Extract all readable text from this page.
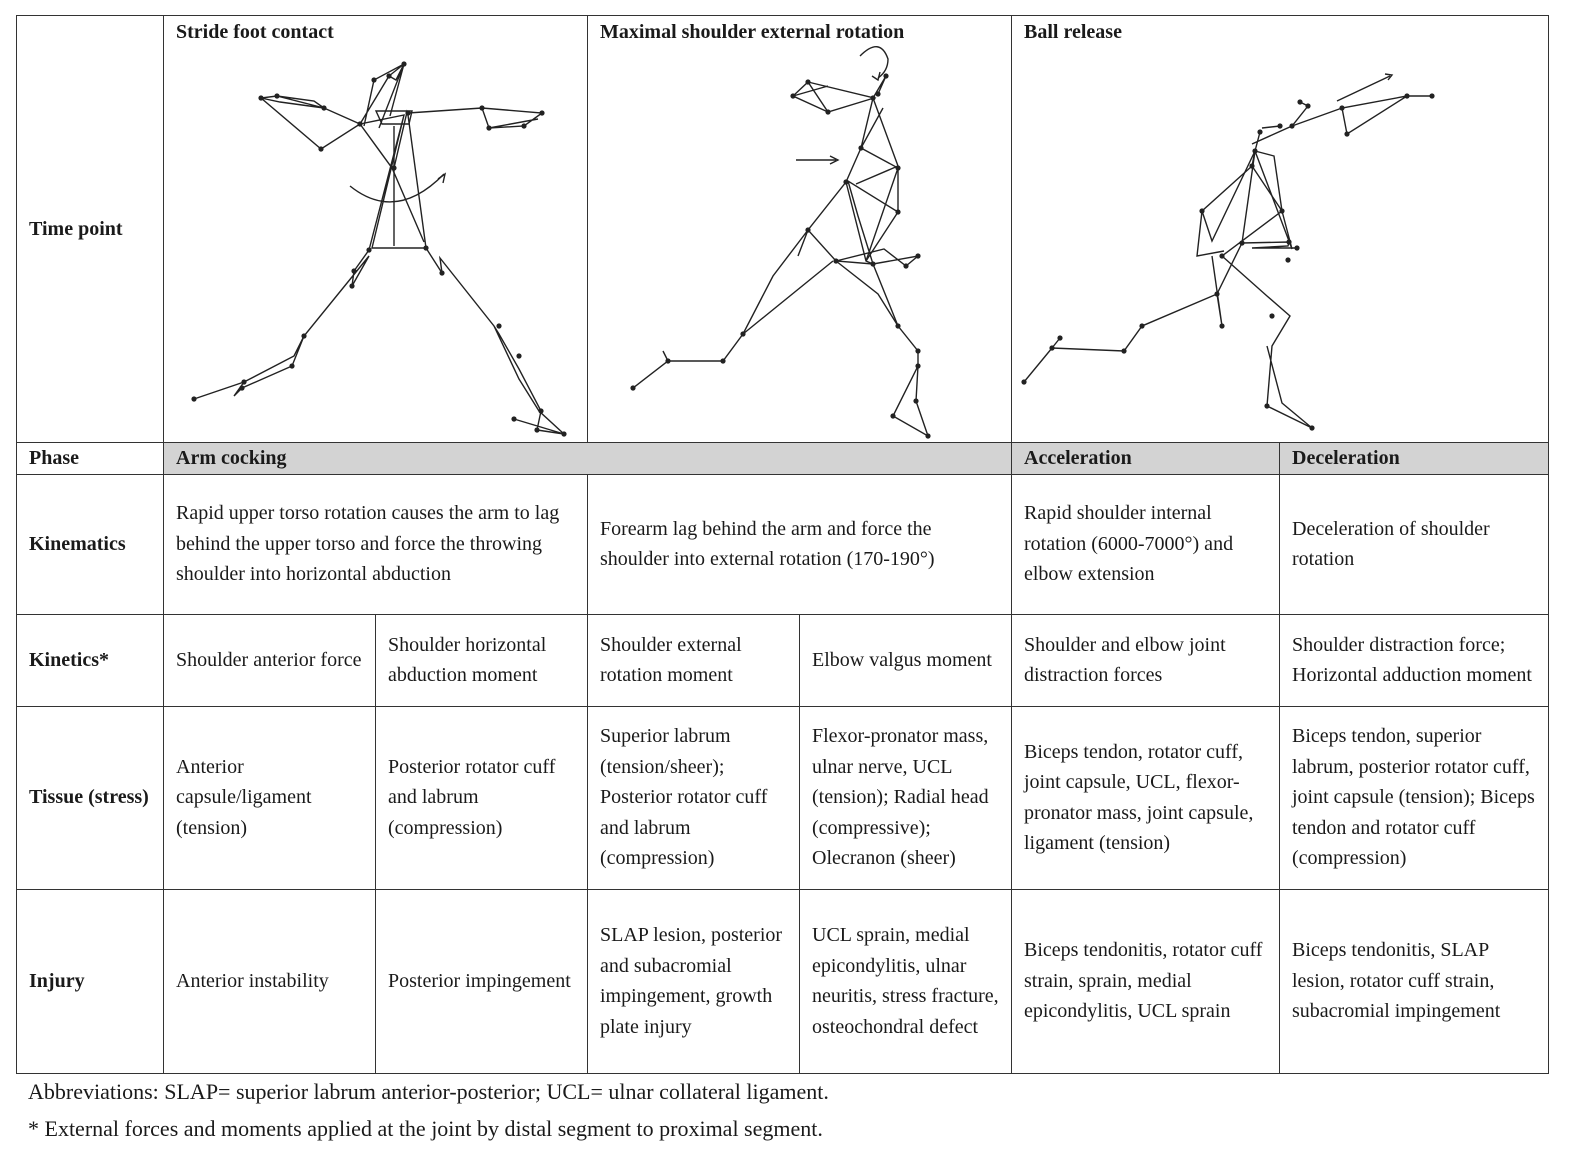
Time point	Stride foot contact		Maximal shoulder external rotation		Ball release	

Phase	Arm cocking				Acceleration	Deceleration
Kinematics	Rapid upper torso rotation causes the arm to lag behind the upper torso and force the throwing shoulder into horizontal abduction		Forearm lag behind the arm and force the shoulder into external rotation (170-190°)		Rapid shoulder internal rotation (6000-7000°) and elbow extension	Deceleration of shoulder rotation
Kinetics*	Shoulder anterior force	Shoulder horizontal abduction moment	Shoulder external rotation moment	Elbow valgus moment	Shoulder and elbow joint distraction forces	Shoulder distraction force; Horizontal adduction moment
Tissue (stress)	Anterior capsule/ligament (tension)	Posterior rotator cuff and labrum (compression)	Superior labrum (tension/sheer); Posterior rotator cuff and labrum (compression)	Flexor-pronator mass, ulnar nerve, UCL (tension); Radial head (compressive); Olecranon (sheer)	Biceps tendon, rotator cuff, joint capsule, UCL, flexor-pronator mass, joint capsule, ligament (tension)	Biceps tendon, superior labrum, posterior rotator cuff, joint capsule (tension); Biceps tendon and rotator cuff (compression)
Injury	Anterior instability	Posterior impingement	SLAP lesion, posterior and subacromial impingement, growth plate injury	UCL sprain, medial epicondylitis, ulnar neuritis, stress fracture, osteochondral defect	Biceps tendonitis, rotator cuff strain, sprain, medial epicondylitis, UCL sprain	Biceps tendonitis, SLAP lesion, rotator cuff strain, subacromial impingement
Abbreviations: SLAP= superior labrum anterior-posterior; UCL= ulnar collateral ligament.
* External forces and moments applied at the joint by distal segment to proximal segment.
